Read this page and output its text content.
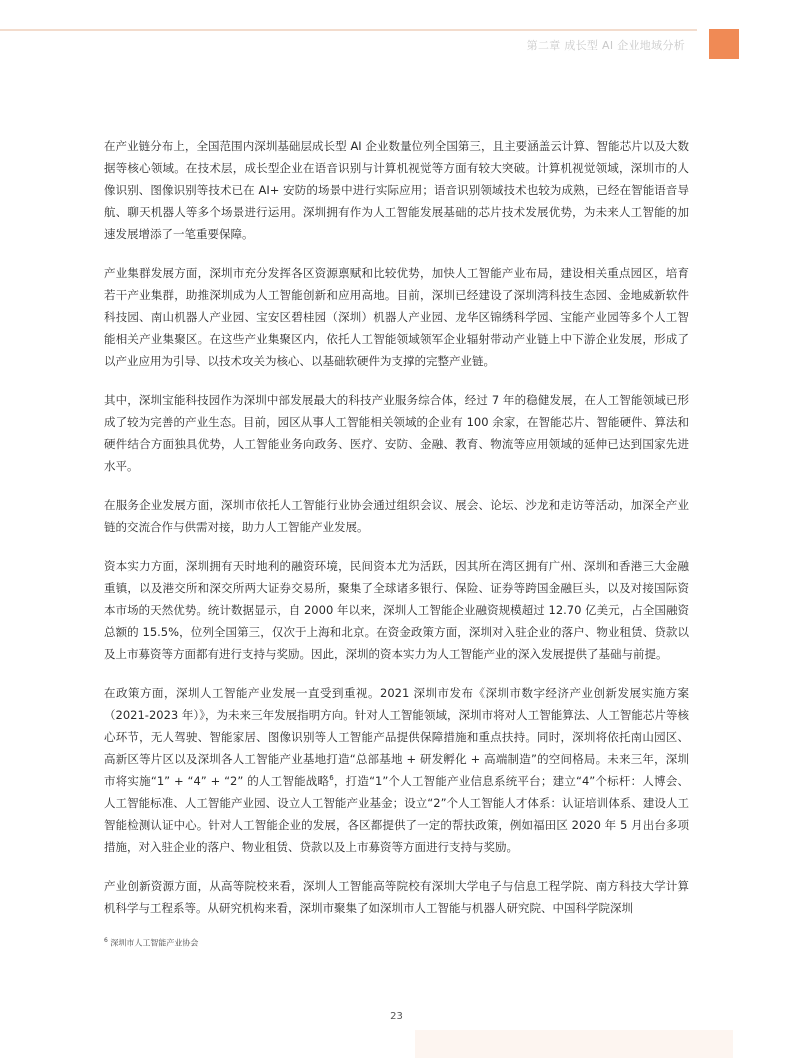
第二章 成长型 AI 企业地域分析

在产业链分布上，全国范围内深圳基础层成长型 AI 企业数量位列全国第三，且主要涵盖云计算、智能芯片以及大数据等核心领域。在技术层，成长型企业在语音识别与计算机视觉等方面有较大突破。计算机视觉领域，深圳市的人像识别、图像识别等技术已在 AI+ 安防的场景中进行实际应用；语音识别领域技术也较为成熟，已经在智能语音导航、聊天机器人等多个场景进行运用。深圳拥有作为人工智能发展基础的芯片技术发展优势，为未来人工智能的加速发展增添了一笔重要保障。

产业集群发展方面，深圳市充分发挥各区资源禀赋和比较优势，加快人工智能产业布局，建设相关重点园区，培育若干产业集群，助推深圳成为人工智能创新和应用高地。目前，深圳已经建设了深圳湾科技生态园、金地威新软件科技园、南山机器人产业园、宝安区碧桂园（深圳）机器人产业园、龙华区锦绣科学园、宝能产业园等多个人工智能相关产业集聚区。在这些产业集聚区内，依托人工智能领域领军企业辐射带动产业链上中下游企业发展，形成了以产业应用为引导、以技术攻关为核心、以基础软硬件为支撑的完整产业链。

其中，深圳宝能科技园作为深圳中部发展最大的科技产业服务综合体，经过 7 年的稳健发展，在人工智能领域已形成了较为完善的产业生态。目前，园区从事人工智能相关领域的企业有 100 余家，在智能芯片、智能硬件、算法和硬件结合方面独具优势，人工智能业务向政务、医疗、安防、金融、教育、物流等应用领域的延伸已达到国家先进水平。

在服务企业发展方面，深圳市依托人工智能行业协会通过组织会议、展会、论坛、沙龙和走访等活动，加深全产业链的交流合作与供需对接，助力人工智能产业发展。

资本实力方面，深圳拥有天时地利的融资环境，民间资本尤为活跃，因其所在湾区拥有广州、深圳和香港三大金融重镇，以及港交所和深交所两大证券交易所，聚集了全球诸多银行、保险、证券等跨国金融巨头，以及对接国际资本市场的天然优势。统计数据显示，自 2000 年以来，深圳人工智能企业融资规模超过 12.70 亿美元，占全国融资总额的 15.5%，位列全国第三，仅次于上海和北京。在资金政策方面，深圳对入驻企业的落户、物业租赁、贷款以及上市募资等方面都有进行支持与奖励。因此，深圳的资本实力为人工智能产业的深入发展提供了基础与前提。

在政策方面，深圳人工智能产业发展一直受到重视。2021 深圳市发布《深圳市数字经济产业创新发展实施方案（2021-2023 年）》，为未来三年发展指明方向。针对人工智能领域，深圳市将对人工智能算法、人工智能芯片等核心环节，无人驾驶、智能家居、图像识别等人工智能产品提供保障措施和重点扶持。同时，深圳将依托南山园区、高新区等片区以及深圳各人工智能产业基地打造“总部基地 + 研发孵化 + 高端制造”的空间格局。未来三年，深圳市将实施“1” + “4” + “2” 的人工智能战略$^6$，打造“1”个人工智能产业信息系统平台；建立“4”个标杆：人博会、人工智能标准、人工智能产业园、设立人工智能产业基金；设立“2”个人工智能人才体系：认证培训体系、建设人工智能检测认证中心。针对人工智能企业的发展，各区都提供了一定的帮扶政策，例如福田区 2020 年 5 月出台多项措施，对入驻企业的落户、物业租赁、贷款以及上市募资等方面进行支持与奖励。

产业创新资源方面，从高等院校来看，深圳人工智能高等院校有深圳大学电子与信息工程学院、南方科技大学计算机科学与工程系等。从研究机构来看，深圳市聚集了如深圳市人工智能与机器人研究院、中国科学院深圳

$^6$ 深圳市人工智能产业协会
23
